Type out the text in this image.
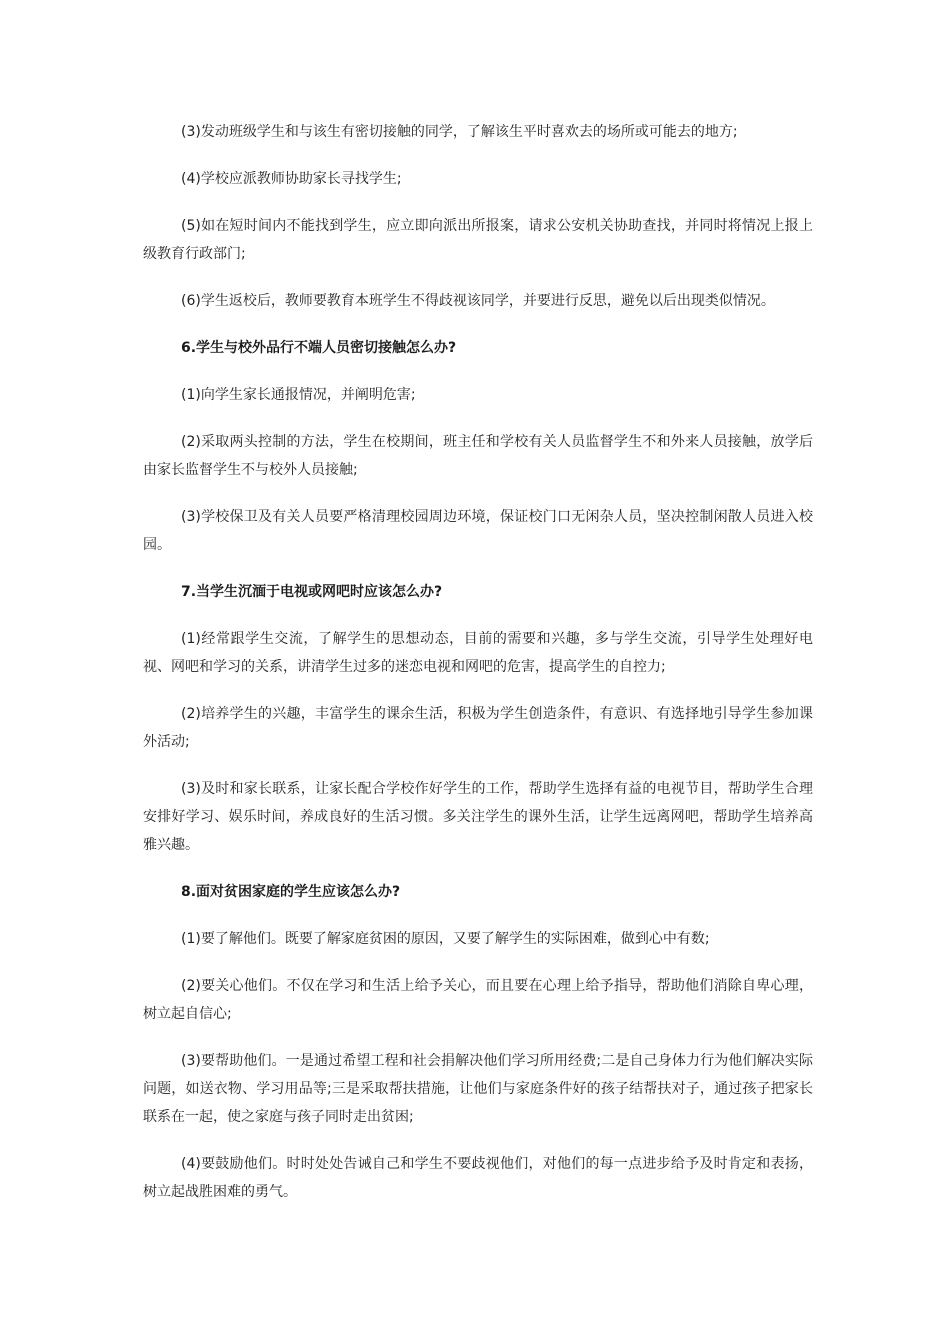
(3)发动班级学生和与该生有密切接触的同学，了解该生平时喜欢去的场所或可能去的地方;

(4)学校应派教师协助家长寻找学生;

(5)如在短时间内不能找到学生，应立即向派出所报案，请求公安机关协助查找，并同时将情况上报上级教育行政部门;

(6)学生返校后，教师要教育本班学生不得歧视该同学，并要进行反思，避免以后出现类似情况。

6.学生与校外品行不端人员密切接触怎么办?

(1)向学生家长通报情况，并阐明危害;

(2)采取两头控制的方法，学生在校期间，班主任和学校有关人员监督学生不和外来人员接触，放学后由家长监督学生不与校外人员接触;

(3)学校保卫及有关人员要严格清理校园周边环境，保证校门口无闲杂人员，坚决控制闲散人员进入校园。

7.当学生沉湎于电视或网吧时应该怎么办?

(1)经常跟学生交流，了解学生的思想动态，目前的需要和兴趣，多与学生交流，引导学生处理好电视、网吧和学习的关系，讲清学生过多的迷恋电视和网吧的危害，提高学生的自控力;

(2)培养学生的兴趣，丰富学生的课余生活，积极为学生创造条件，有意识、有选择地引导学生参加课外活动;

(3)及时和家长联系，让家长配合学校作好学生的工作，帮助学生选择有益的电视节目，帮助学生合理安排好学习、娱乐时间，养成良好的生活习惯。多关注学生的课外生活，让学生远离网吧，帮助学生培养高雅兴趣。

8.面对贫困家庭的学生应该怎么办?

(1)要了解他们。既要了解家庭贫困的原因，又要了解学生的实际困难，做到心中有数;

(2)要关心他们。不仅在学习和生活上给予关心，而且要在心理上给予指导，帮助他们消除自卑心理，树立起自信心;

(3)要帮助他们。一是通过希望工程和社会捐解决他们学习所用经费;二是自己身体力行为他们解决实际问题，如送衣物、学习用品等;三是采取帮扶措施，让他们与家庭条件好的孩子结帮扶对子，通过孩子把家长联系在一起，使之家庭与孩子同时走出贫困;

(4)要鼓励他们。时时处处告诫自己和学生不要歧视他们，对他们的每一点进步给予及时肯定和表扬，树立起战胜困难的勇气。
